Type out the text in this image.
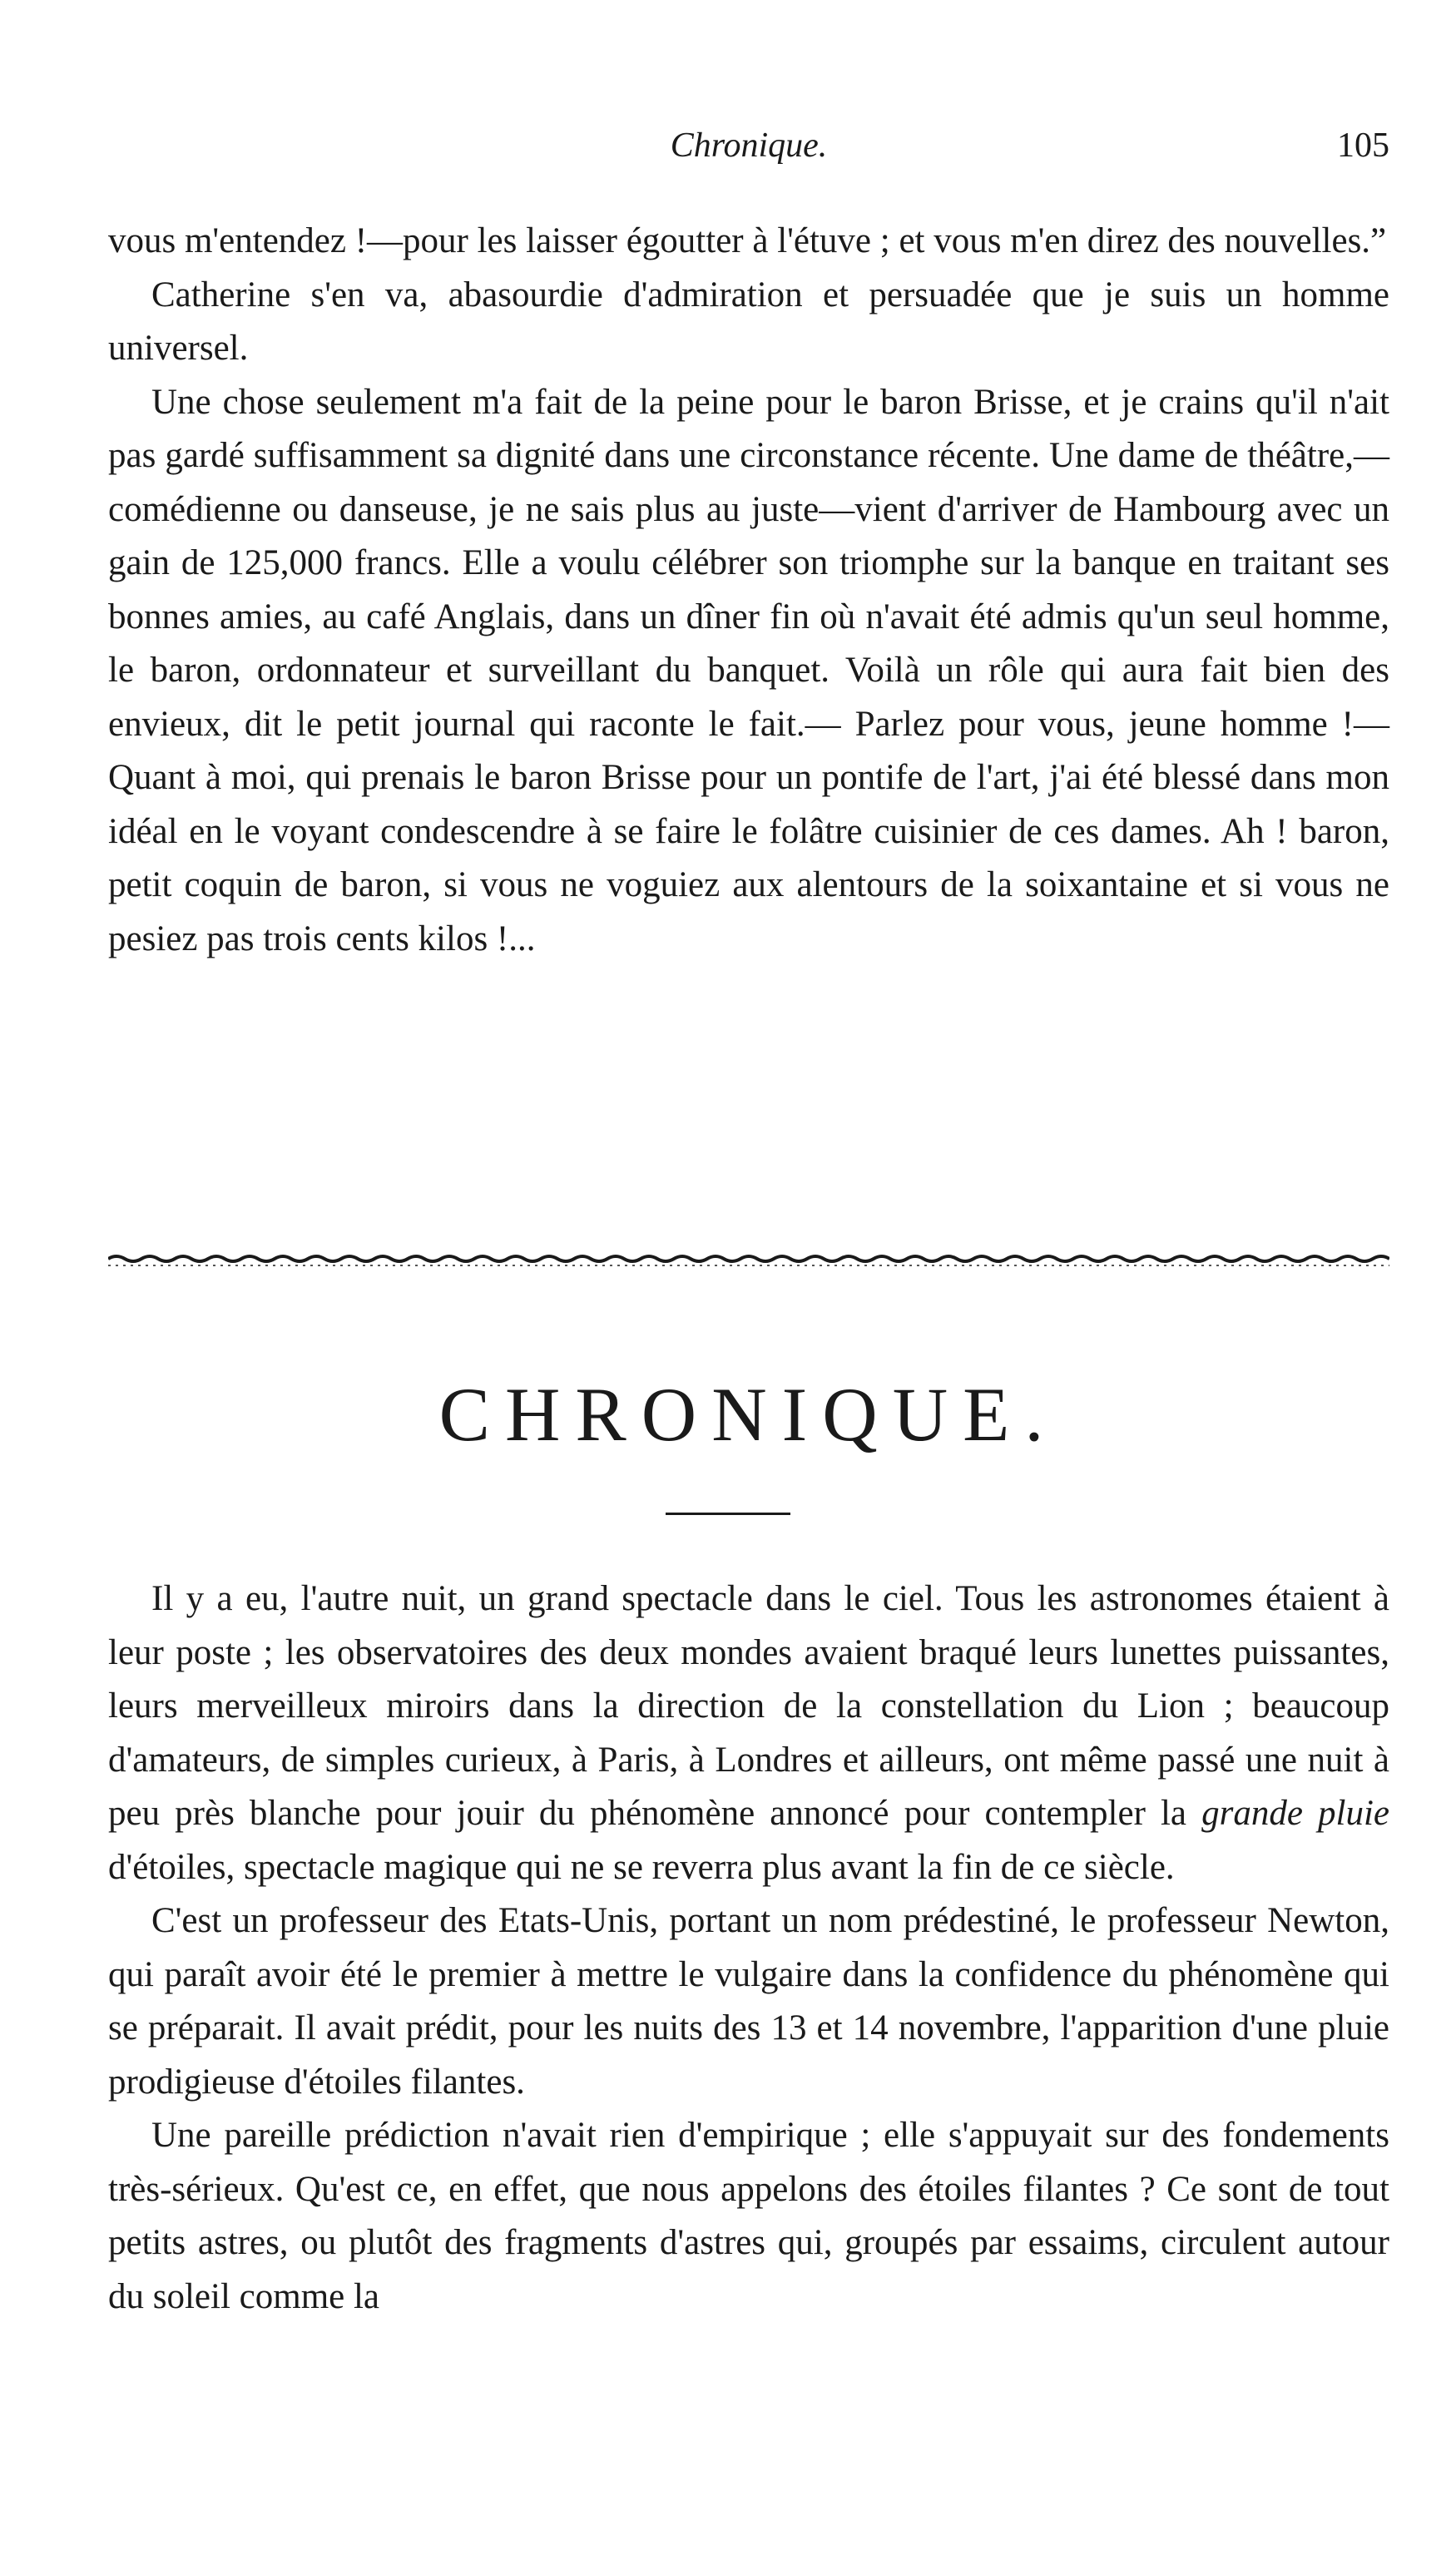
Chronique.	105

vous m'entendez !—pour les laisser égoutter à l'étuve ; et vous m'en direz des nouvelles.”

Catherine s'en va, abasourdie d'admiration et persuadée que je suis un homme universel.

Une chose seulement m'a fait de la peine pour le baron Brisse, et je crains qu'il n'ait pas gardé suffisamment sa dignité dans une circonstance récente. Une dame de théâtre,—comédienne ou danseuse, je ne sais plus au juste—vient d'arriver de Hambourg avec un gain de 125,000 francs. Elle a voulu célébrer son triomphe sur la banque en traitant ses bonnes amies, au café Anglais, dans un dîner fin où n'avait été admis qu'un seul homme, le baron, ordonnateur et surveillant du banquet. Voilà un rôle qui aura fait bien des envieux, dit le petit journal qui raconte le fait.— Parlez pour vous, jeune homme !—Quant à moi, qui prenais le baron Brisse pour un pontife de l'art, j'ai été blessé dans mon idéal en le voyant condescendre à se faire le folâtre cuisinier de ces dames. Ah ! baron, petit coquin de baron, si vous ne voguiez aux alentours de la soixantaine et si vous ne pesiez pas trois cents kilos !...

CHRONIQUE.

Il y a eu, l'autre nuit, un grand spectacle dans le ciel. Tous les astronomes étaient à leur poste ; les observatoires des deux mondes avaient braqué leurs lunettes puissantes, leurs merveilleux miroirs dans la direction de la constellation du Lion ; beaucoup d'amateurs, de simples curieux, à Paris, à Londres et ailleurs, ont même passé une nuit à peu près blanche pour jouir du phénomène annoncé pour contempler la grande pluie d'étoiles, spectacle magique qui ne se reverra plus avant la fin de ce siècle.

C'est un professeur des Etats-Unis, portant un nom prédestiné, le professeur Newton, qui paraît avoir été le premier à mettre le vulgaire dans la confidence du phénomène qui se préparait. Il avait prédit, pour les nuits des 13 et 14 novembre, l'apparition d'une pluie prodigieuse d'étoiles filantes.

Une pareille prédiction n'avait rien d'empirique ; elle s'appuyait sur des fondements très-sérieux. Qu'est ce, en effet, que nous appelons des étoiles filantes ? Ce sont de tout petits astres, ou plutôt des fragments d'astres qui, groupés par essaims, circulent autour du soleil comme la
